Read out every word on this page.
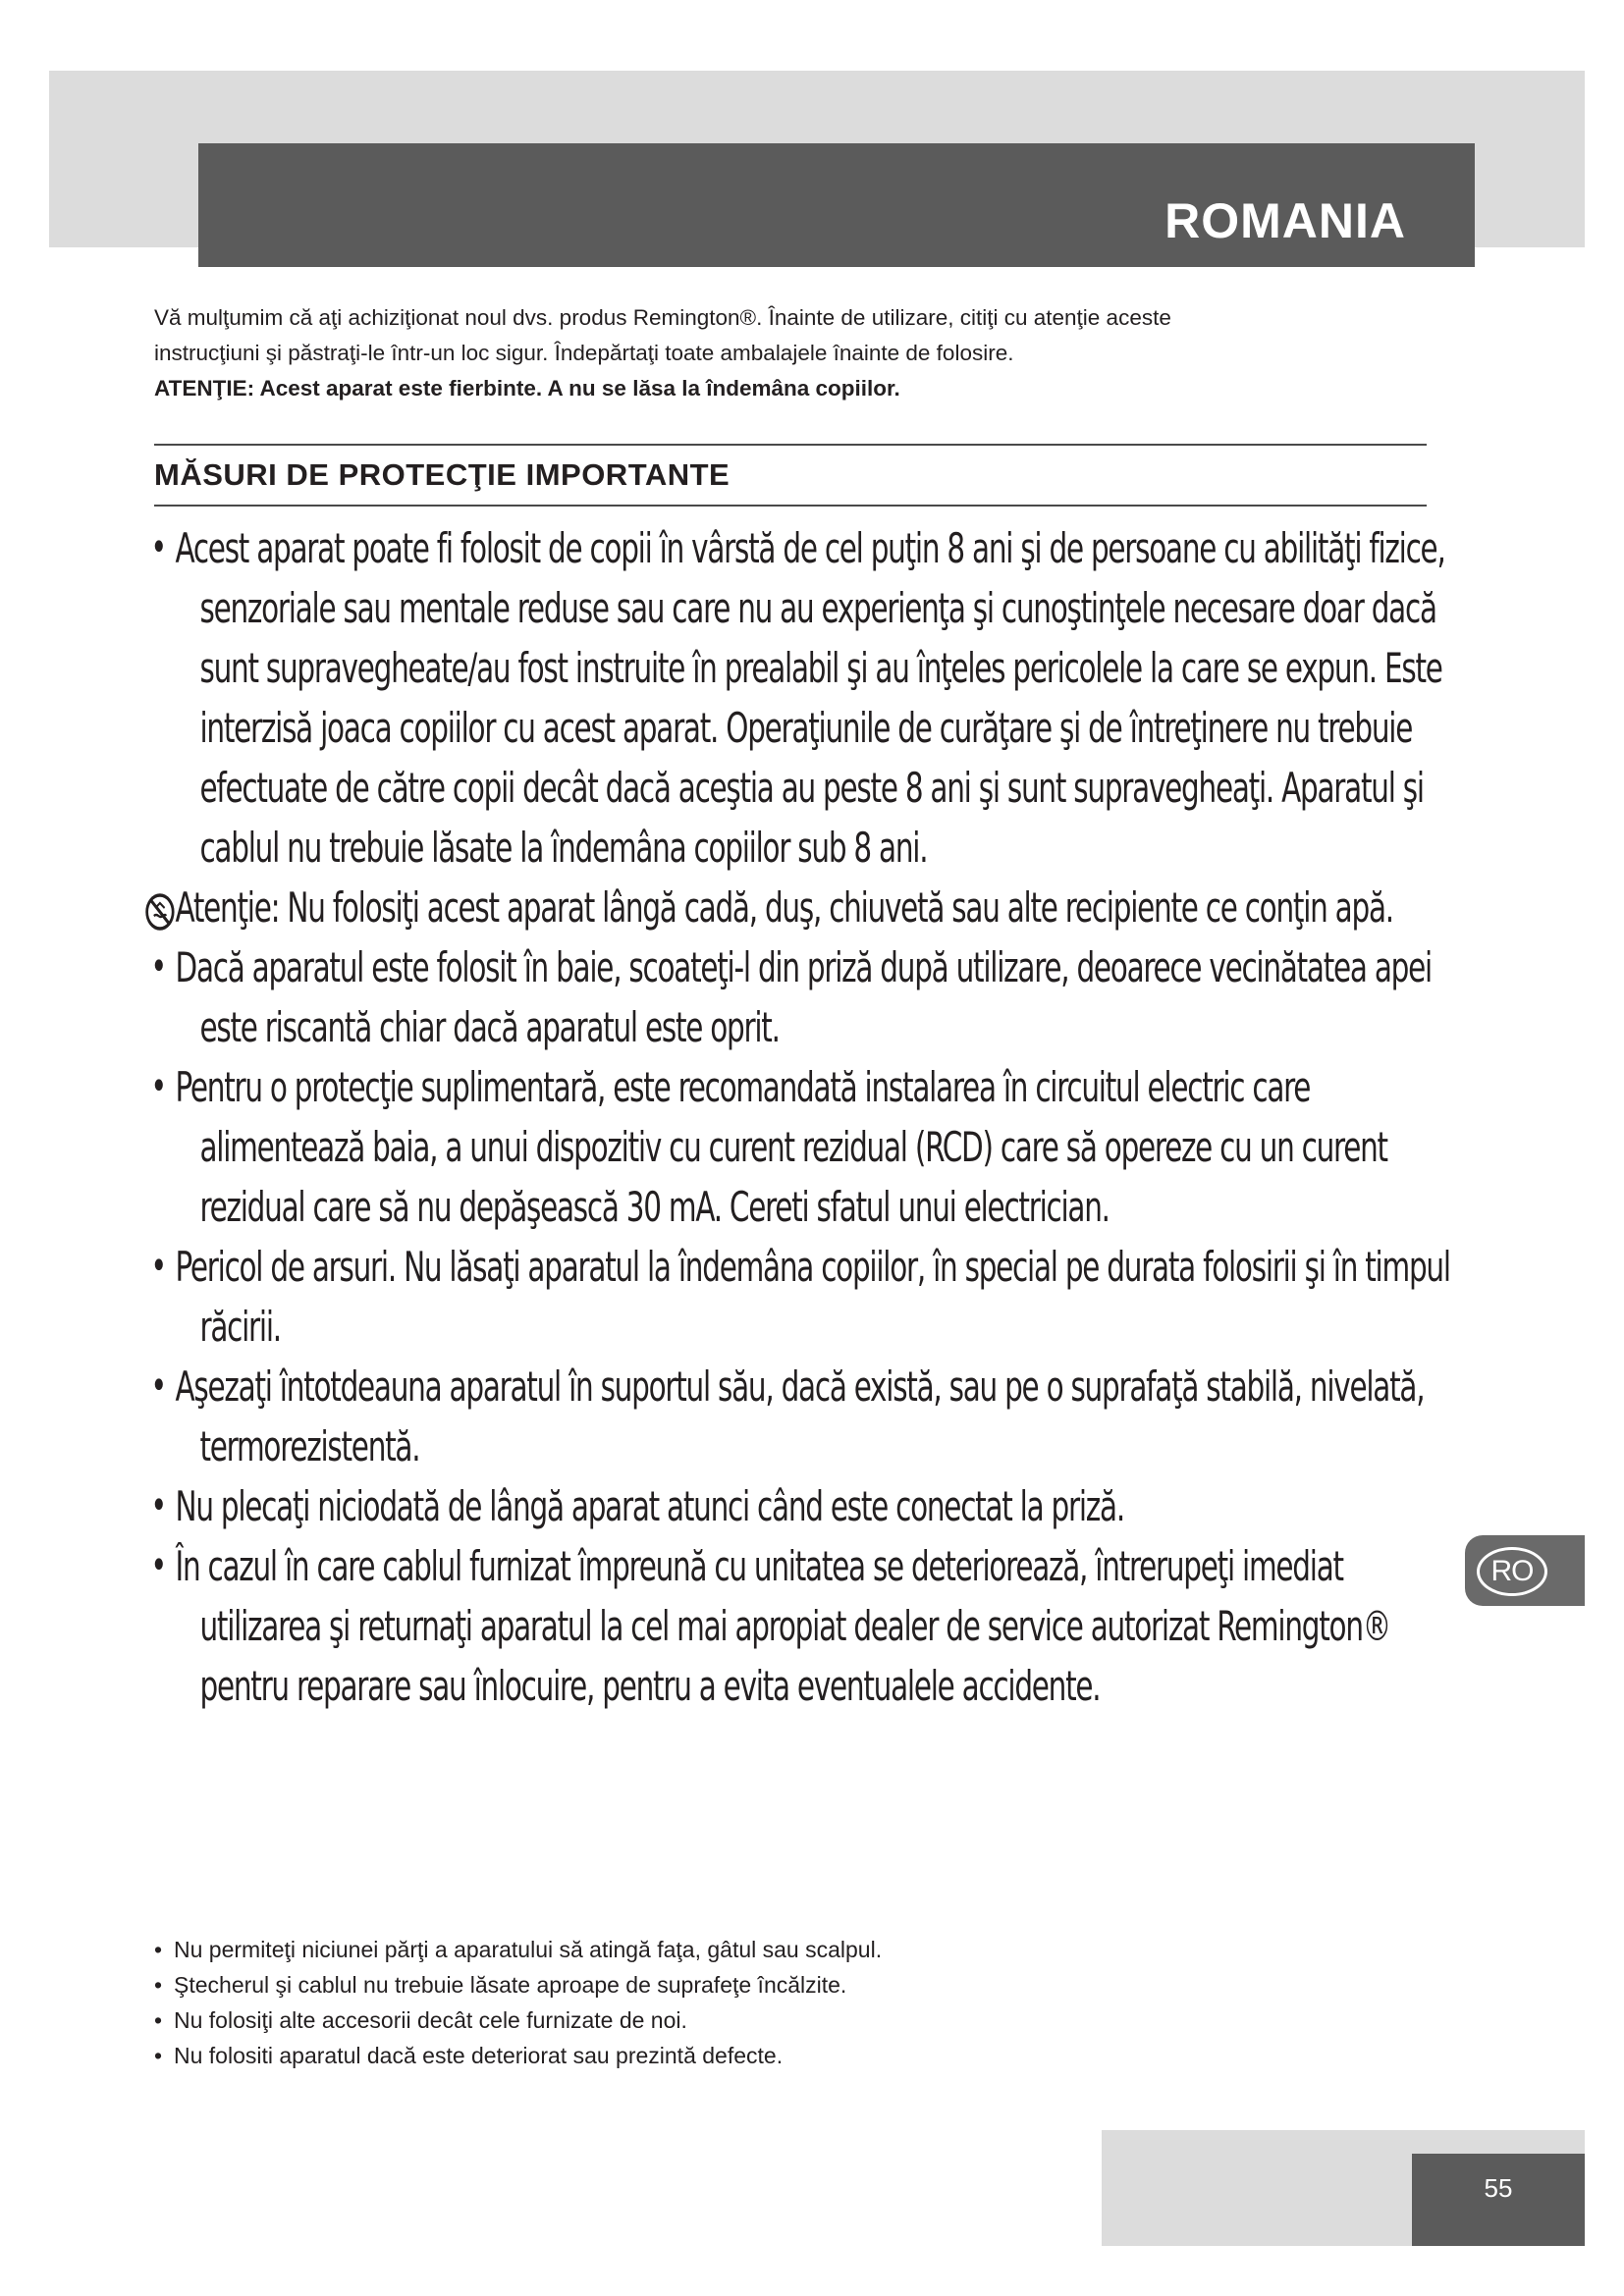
ROMANIA

Vă mulţumim că aţi achiziţionat noul dvs. produs Remington®. Înainte de utilizare, citiţi cu atenţie aceste

instrucţiuni şi păstraţi-le într-un loc sigur. Îndepărtaţi toate ambalajele înainte de folosire.

ATENŢIE: Acest aparat este fierbinte. A nu se lăsa la îndemâna copiilor.

MĂSURI DE PROTECŢIE IMPORTANTE
• Acest aparat poate fi folosit de copii în vârstă de cel puţin 8 ani şi de persoane cu abilităţi fizice, senzoriale sau mentale reduse sau care nu au experienţa şi cunoştinţele necesare doar dacă sunt supravegheate/au fost instruite în prealabil şi au înţeles pericolele la care se expun. Este interzisă joaca copiilor cu acest aparat. Operaţiunile de curăţare şi de întreţinere nu trebuie efectuate de către copii decât dacă aceştia au peste 8 ani şi sunt supravegheaţi. Aparatul şi cablul nu trebuie lăsate la îndemâna copiilor sub 8 ani.
Atenţie: Nu folosiţi acest aparat lângă cadă, duş, chiuvetă sau alte recipiente ce conţin apă.
• Dacă aparatul este folosit în baie, scoateţi-l din priză după utilizare, deoarece vecinătatea apei este riscantă chiar dacă aparatul este oprit.
• Pentru o protecţie suplimentară, este recomandată instalarea în circuitul electric care alimentează baia, a unui dispozitiv cu curent rezidual (RCD) care să opereze cu un curent rezidual care să nu depăşească 30 mA. Cereti sfatul unui electrician.
• Pericol de arsuri. Nu lăsaţi aparatul la îndemâna copiilor, în special pe durata folosirii şi în timpul răcirii.
• Aşezaţi întotdeauna aparatul în suportul său, dacă există, sau pe o suprafaţă stabilă, nivelată, termorezistentă.
• Nu plecaţi niciodată de lângă aparat atunci când este conectat la priză.
• În cazul în care cablul furnizat împreună cu unitatea se deteriorează, întrerupeţi imediat utilizarea şi returnaţi aparatul la cel mai apropiat dealer de service autorizat Remington® pentru reparare sau înlocuire, pentru a evita eventualele accidente.
• Nu permiteţi niciunei părţi a aparatului să atingă faţa, gâtul sau scalpul.
• Ştecherul şi cablul nu trebuie lăsate aproape de suprafeţe încălzite.
• Nu folosiţi alte accesorii decât cele furnizate de noi.
• Nu folositi aparatul dacă este deteriorat sau prezintă defecte.
RO
55
